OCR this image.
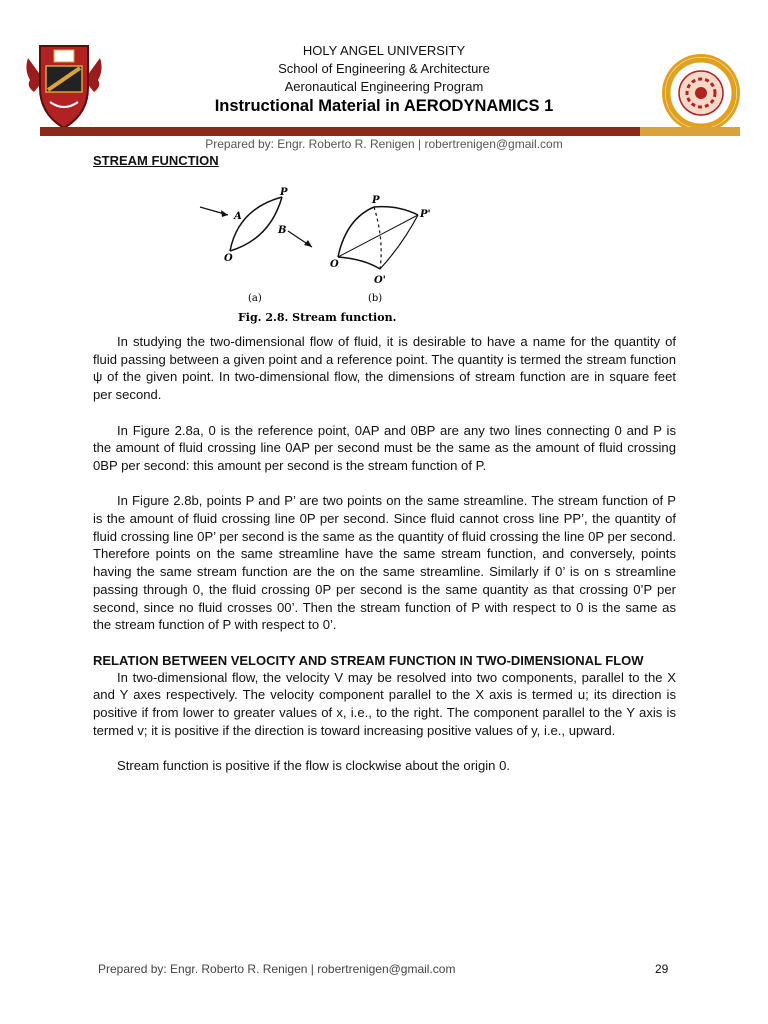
HOLY ANGEL UNIVERSITY
School of Engineering & Architecture
Aeronautical Engineering Program
Instructional Material in AERODYNAMICS 1
Prepared by: Engr. Roberto R. Renigen | robertrenigen@gmail.com
STREAM FUNCTION
P
A
B
O
(a)
P
P'
O
O'
(b)
Fig. 2.8. Stream function.

In studying the two-dimensional flow of fluid, it is desirable to have a name for the quantity of fluid passing between a given point and a reference point. The quantity is termed the stream function ψ of the given point. In two-dimensional flow, the dimensions of stream function are in square feet per second.

In Figure 2.8a, 0 is the reference point, 0AP and 0BP are any two lines connecting 0 and P is the amount of fluid crossing line 0AP per second must be the same as the amount of fluid crossing 0BP per second: this amount per second is the stream function of P.

In Figure 2.8b, points P and P’ are two points on the same streamline. The stream function of P is the amount of fluid crossing line 0P per second. Since fluid cannot cross line PP’, the quantity of fluid crossing line 0P’ per second is the same as the quantity of fluid crossing the line 0P per second. Therefore points on the same streamline have the same stream function, and conversely, points having the same stream function are the on the same streamline. Similarly if 0’ is on s streamline passing through 0, the fluid crossing 0P per second is the same quantity as that crossing 0’P per second, since no fluid crosses 00’. Then the stream function of P with respect to 0 is the same as the stream function of P with respect to 0’.

RELATION BETWEEN VELOCITY AND STREAM FUNCTION IN TWO-DIMENSIONAL FLOW

In two-dimensional flow, the velocity V may be resolved into two components, parallel to the X and Y axes respectively. The velocity component parallel to the X axis is termed u; its direction is positive if from lower to greater values of x, i.e., to the right. The component parallel to the Y axis is termed v; it is positive if the direction is toward increasing positive values of y, i.e., upward.

Stream function is positive if the flow is clockwise about the origin 0.

Prepared by: Engr. Roberto R. Renigen | robertrenigen@gmail.com	29
